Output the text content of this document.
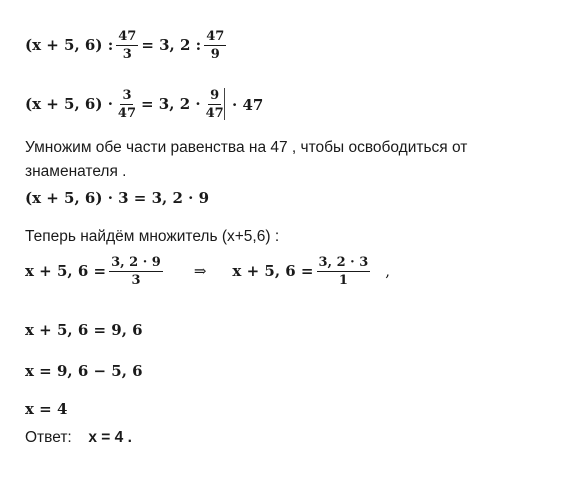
(x + 5, 6) : $\frac{47}{3} = 3$, 2 : $\frac{47}{9}$
(x + 5, $6) \cdot \frac{3}{47} = 3$, $2 \cdot \frac{9}{47} \cdot 47$
Умножим обе части равенства на 47 , чтобы освободиться от
знаменателя .
(x + 5, 6) · 3 = 3, 2 · 9
Теперь найдём множитель (x+5,6) :
x + 5, $6 = \frac{3, 2 \cdot 9}{3}$ ⇒ x + 5, $6 = \frac{3, 2 \cdot 3}{1}$ ,
x + 5, 6 = 9, 6
x = 9, 6 − 5, 6
x = 4
Ответ: x = 4 .
